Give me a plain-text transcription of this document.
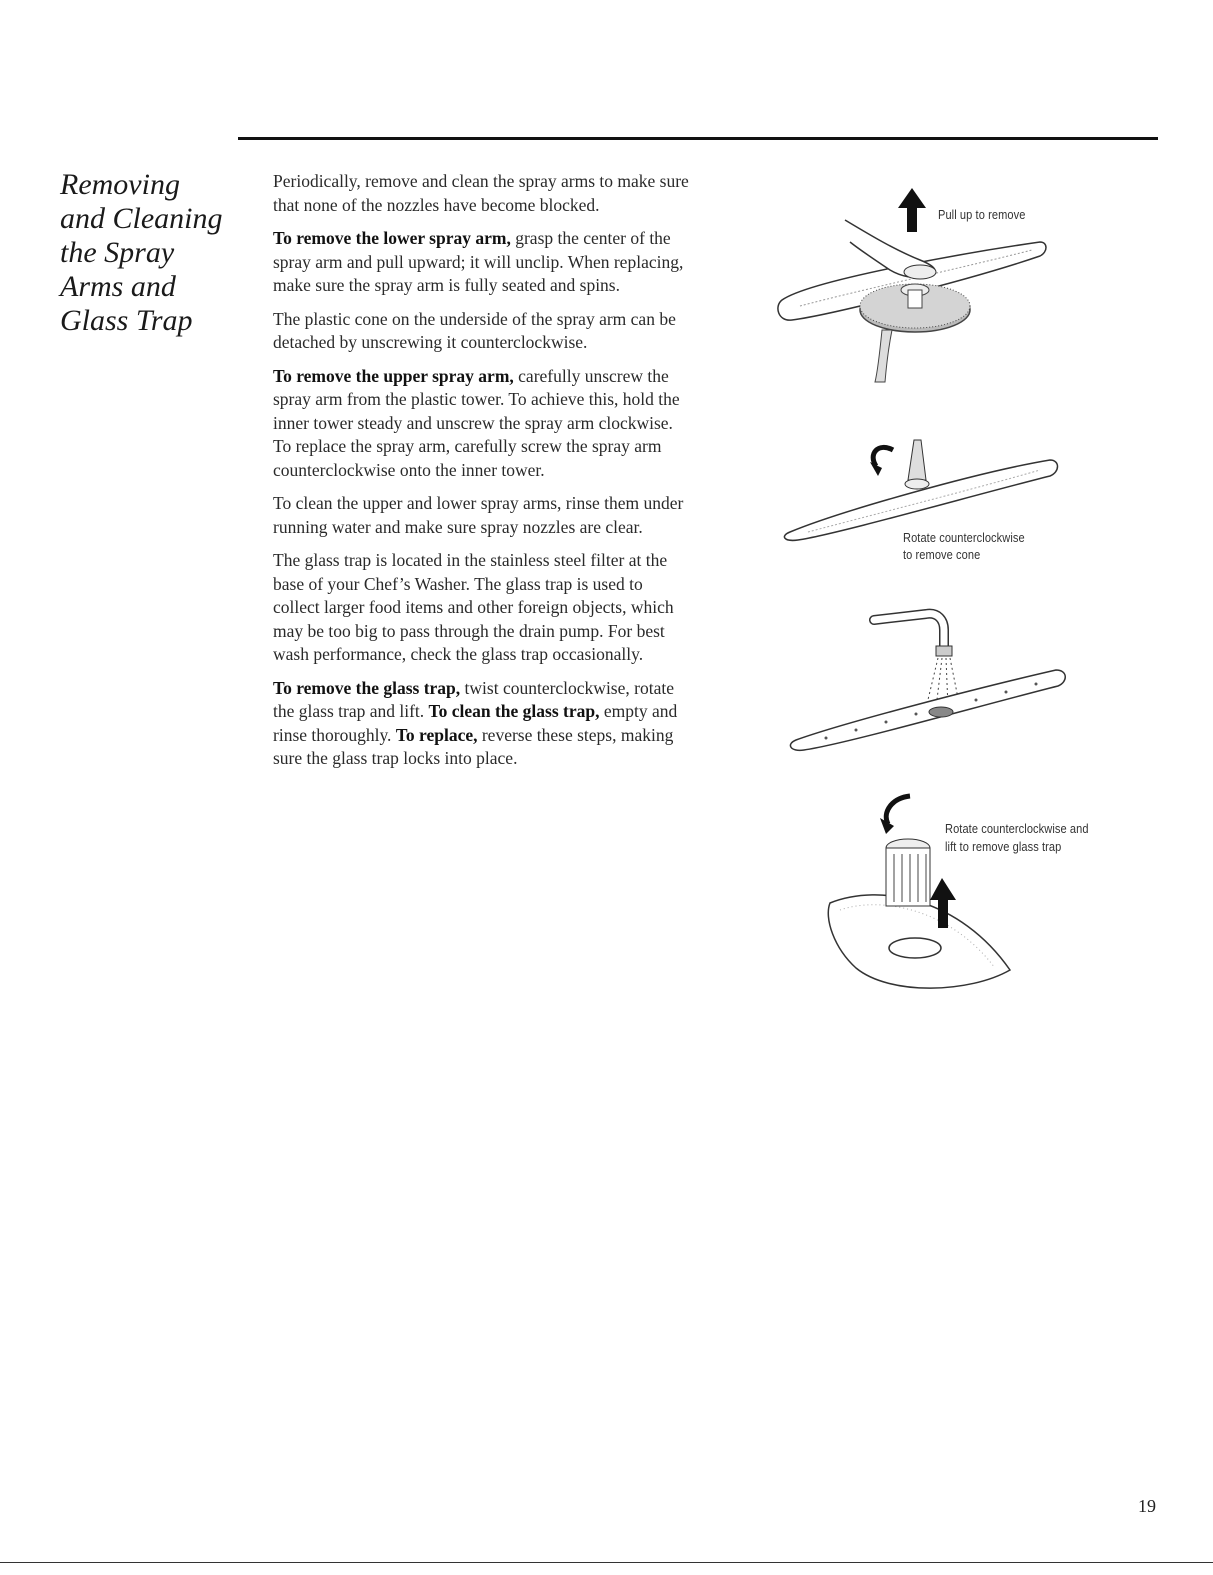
Removing
and Cleaning
the Spray
Arms and
Glass Trap

Periodically, remove and clean the spray arms to make sure that none of the nozzles have become blocked.

To remove the lower spray arm, grasp the center of the spray arm and pull upward; it will unclip. When replacing, make sure the spray arm is fully seated and spins.

The plastic cone on the underside of the spray arm can be detached by unscrewing it counterclockwise.

To remove the upper spray arm, carefully unscrew the spray arm from the plastic tower. To achieve this, hold the inner tower steady and unscrew the spray arm clockwise. To replace the spray arm, carefully screw the spray arm counterclockwise onto the inner tower.

To clean the upper and lower spray arms, rinse them under running water and make sure spray nozzles are clear.

The glass trap is located in the stainless steel filter at the base of your Chef’s Washer. The glass trap is used to collect larger food items and other foreign objects, which may be too big to pass through the drain pump. For best wash performance, check the glass trap occasionally.

To remove the glass trap, twist counterclockwise, rotate the glass trap and lift. To clean the glass trap, empty and rinse thoroughly. To replace, reverse these steps, making sure the glass trap locks into place.

Pull up to remove
Rotate counterclockwise
to remove cone
Rotate counterclockwise and
lift to remove glass trap
19
